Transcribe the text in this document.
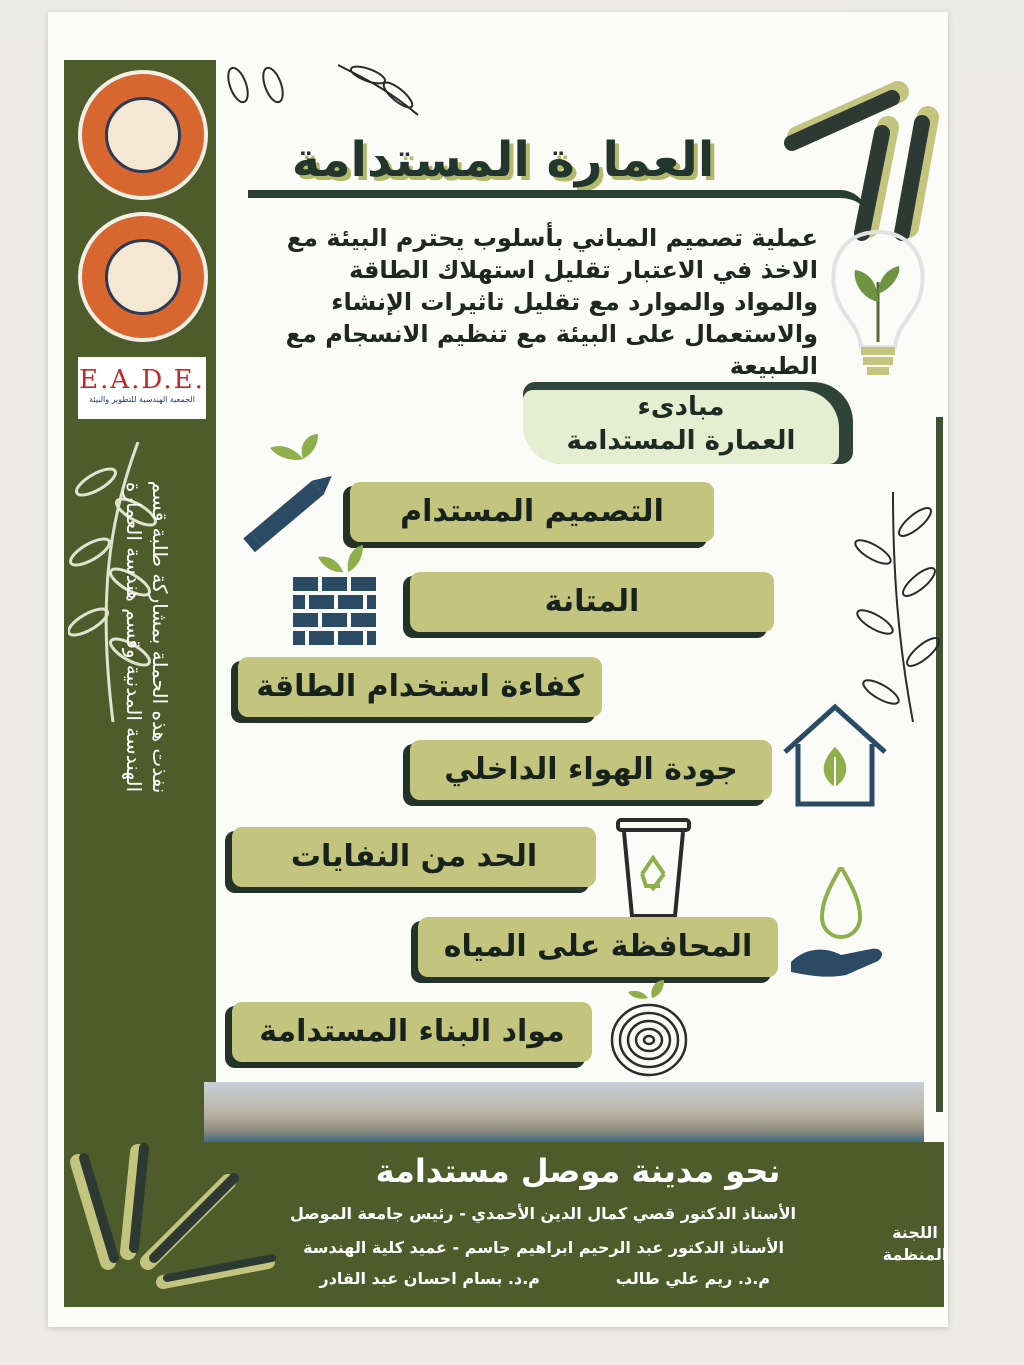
E.A.D.E.
الجمعية الهندسية للتطوير والبيئة
نفذت هذه الحملة بمشاركة طلبة قسم الهندسة المدنية وقسم هندسة العمارة
العمارة المستدامة
عملية تصميم المباني بأسلوب يحترم البيئة مع الاخذ في الاعتبار تقليل استهلاك الطاقة والمواد والموارد مع تقليل تاثيرات الإنشاء والاستعمال على البيئة مع تنظيم الانسجام مع الطبيعة
مبادىء
العمارة المستدامة
التصميم المستدام
المتانة
كفاءة استخدام الطاقة
جودة الهواء الداخلي
الحد من النفايات
المحافظة على المياه
مواد البناء المستدامة
نحو مدينة موصل مستدامة
اللجنة المنظمة
الأستاذ الدكتور قصي كمال الدين الأحمدي - رئيس جامعة الموصل
الأستاذ الدكتور عبد الرحيم ابراهيم جاسم - عميد كلية الهندسة
م.د. ريم علي طالب
م.د. بسام احسان عبد القادر
